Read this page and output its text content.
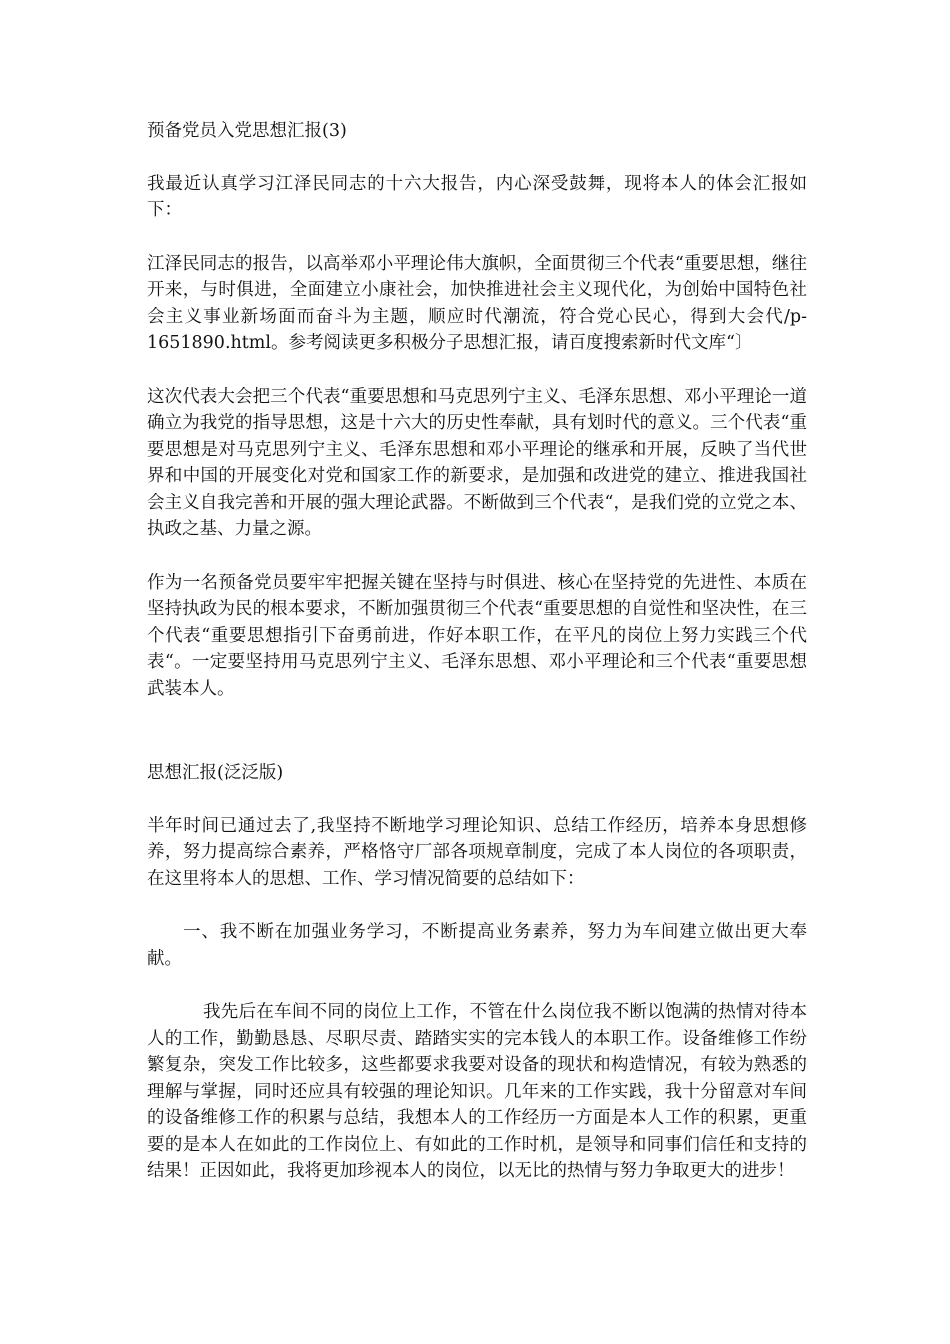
预备党员入党思想汇报(3)

我最近认真学习江泽民同志的十六大报告，内心深受鼓舞，现将本人的体会汇报如下：

江泽民同志的报告，以高举邓小平理论伟大旗帜，全面贯彻三个代表“重要思想，继往开来，与时俱进，全面建立小康社会，加快推进社会主义现代化，为创始中国特色社会主义事业新场面而奋斗为主题，顺应时代潮流，符合党心民心，得到大会代/p-1651890.html。参考阅读更多积极分子思想汇报，请百度搜索新时代文库“〕

这次代表大会把三个代表“重要思想和马克思列宁主义、毛泽东思想、邓小平理论一道确立为我党的指导思想，这是十六大的历史性奉献，具有划时代的意义。三个代表“重要思想是对马克思列宁主义、毛泽东思想和邓小平理论的继承和开展，反映了当代世界和中国的开展变化对党和国家工作的新要求，是加强和改进党的建立、推进我国社会主义自我完善和开展的强大理论武器。不断做到三个代表“，是我们党的立党之本、执政之基、力量之源。

作为一名预备党员要牢牢把握关键在坚持与时俱进、核心在坚持党的先进性、本质在坚持执政为民的根本要求，不断加强贯彻三个代表“重要思想的自觉性和坚决性，在三个代表“重要思想指引下奋勇前进，作好本职工作，在平凡的岗位上努力实践三个代表“。一定要坚持用马克思列宁主义、毛泽东思想、邓小平理论和三个代表“重要思想武装本人。

思想汇报(泛泛版)

半年时间已通过去了,我坚持不断地学习理论知识、总结工作经历，培养本身思想修养，努力提高综合素养，严格恪守厂部各项规章制度，完成了本人岗位的各项职责，在这里将本人的思想、工作、学习情况简要的总结如下：

一、我不断在加强业务学习，不断提高业务素养，努力为车间建立做出更大奉献。

我先后在车间不同的岗位上工作，不管在什么岗位我不断以饱满的热情对待本人的工作，勤勤恳恳、尽职尽责、踏踏实实的完本钱人的本职工作。设备维修工作纷繁复杂，突发工作比较多，这些都要求我要对设备的现状和构造情况，有较为熟悉的理解与掌握，同时还应具有较强的理论知识。几年来的工作实践，我十分留意对车间的设备维修工作的积累与总结，我想本人的工作经历一方面是本人工作的积累，更重要的是本人在如此的工作岗位上、有如此的工作时机，是领导和同事们信任和支持的结果！正因如此，我将更加珍视本人的岗位，以无比的热情与努力争取更大的进步！
